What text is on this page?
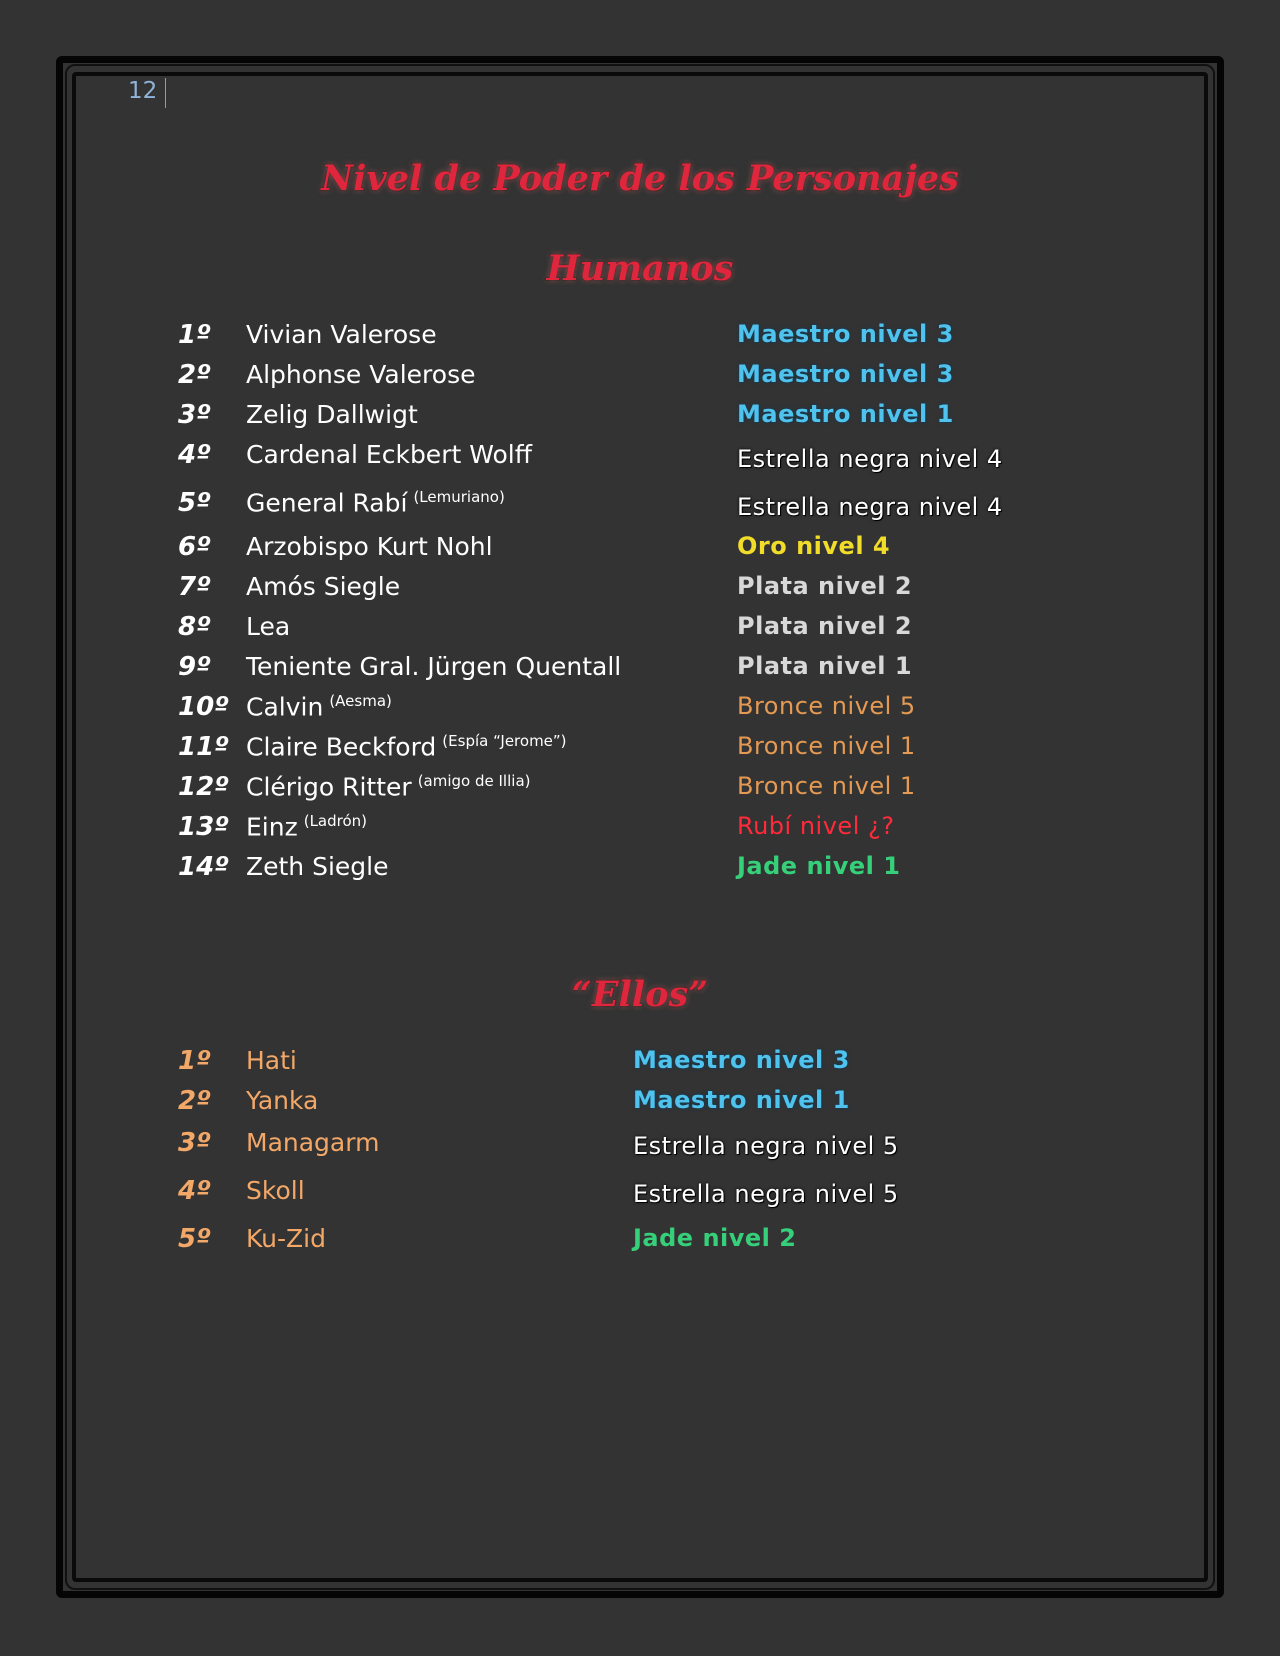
12
Nivel de Poder de los Personajes
Humanos
1º Vivian Valerose	Maestro nivel 3
2º Alphonse Valerose	Maestro nivel 3
3º Zelig Dallwigt	Maestro nivel 1
4º Cardenal Eckbert Wolff	Estrella negra nivel 4
5º General Rabí $^{(Lemuriano)}$	Estrella negra nivel 4
6º Arzobispo Kurt Nohl	Oro nivel 4
7º Amós Siegle	Plata nivel 2
8º Lea	Plata nivel 2
9º Teniente Gral. Jürgen Quentall	Plata nivel 1
10º Calvin $^{(Aesma)}$	Bronce nivel 5
11º Claire Beckford $^{(Espía “Jerome”)}$	Bronce nivel 1
12º Clérigo Ritter $^{(amigo de Illia)}$	Bronce nivel 1
13º Einz $^{(Ladrón)}$	Rubí nivel ¿?
14º Zeth Siegle	Jade nivel 1
“Ellos”
1º Hati	Maestro nivel 3
2º Yanka	Maestro nivel 1
3º Managarm	Estrella negra nivel 5
4º Skoll	Estrella negra nivel 5
5º Ku-Zid	Jade nivel 2
